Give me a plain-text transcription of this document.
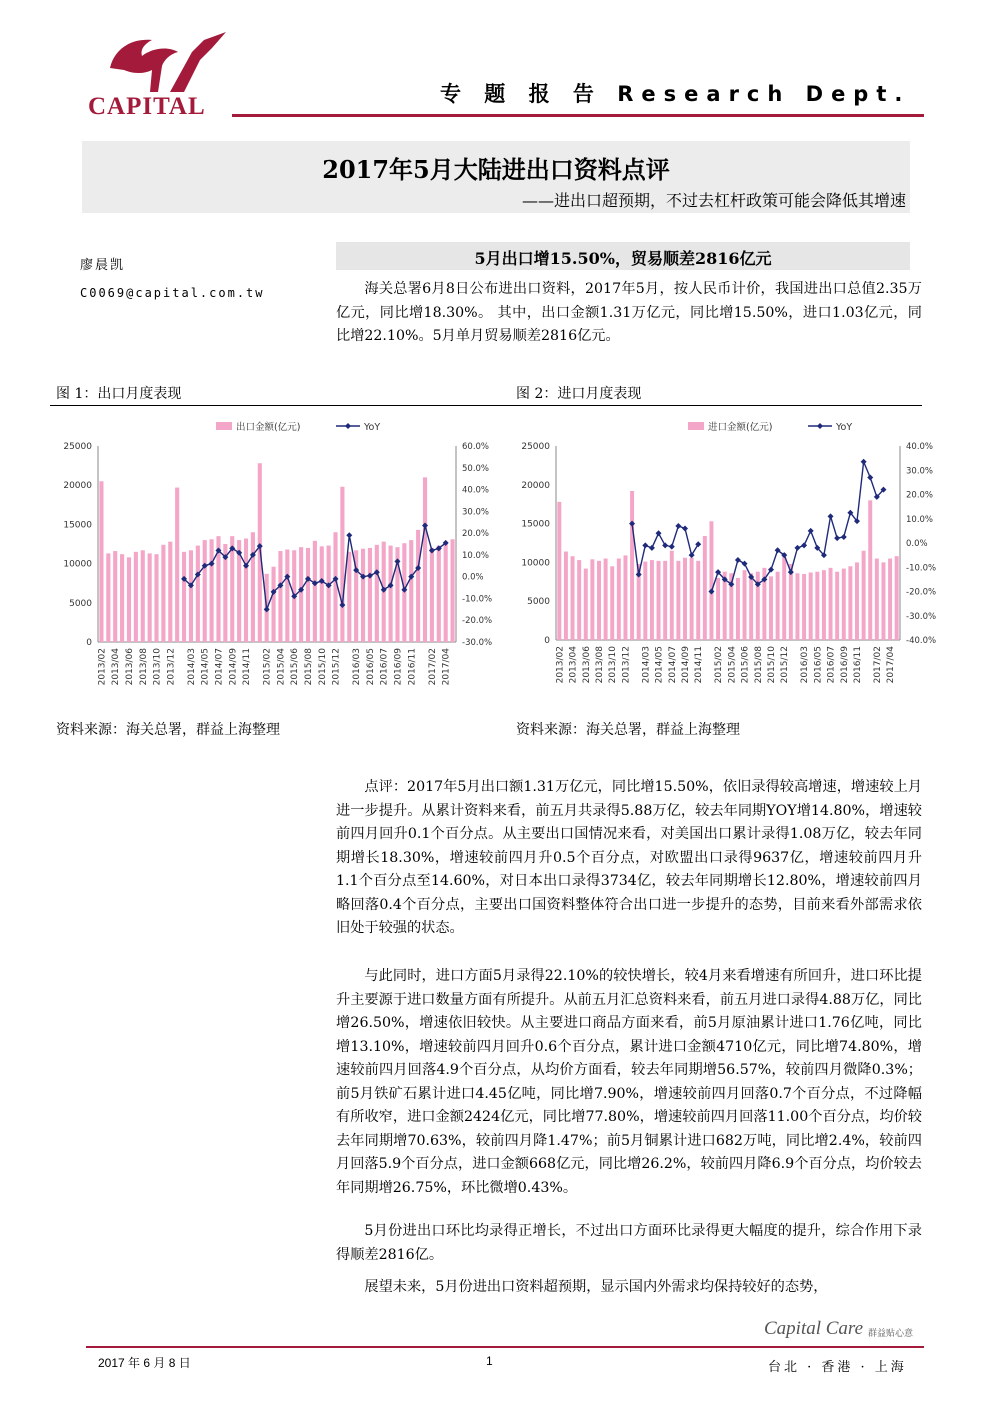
CAPITAL	专 题 报 告 Research Dept.
2017年5月大陆进出口资料点评
——进出口超预期，不过去杠杆政策可能会降低其增速
廖晨凯
C0069@capital.com.tw
5月出口增15.50%，贸易顺差2816亿元
海关总署6月8日公布进出口资料，2017年5月，按人民币计价，我国进出口总值2.35万亿元，同比增18.30%。 其中，出口金额1.31万亿元，同比增15.50%，进口1.03亿元，同比增22.10%。5月单月贸易顺差2816亿元。
图 1：出口月度表现	图 2：进口月度表现
0
5000
10000
15000
20000
25000
-30.0%
-20.0%
-10.0%
0.0%
10.0%
20.0%
30.0%
40.0%
50.0%
60.0%
2013/02 2013/04 2013/06 2013/08 2013/10 2013/12 2014/03 2014/05 2014/07 2014/09 2014/11 2015/02 2015/04 2015/06 2015/08 2015/10 2015/12 2016/03 2016/05 2016/07 2016/09 2016/11 2017/02 2017/04
出口金额(亿元)	YoY
0
5000
10000
15000
20000
25000
-40.0%
-30.0%
-20.0%
-10.0%
0.0%
10.0%
20.0%
30.0%
40.0%
2013/02 2013/04 2013/06 2013/08 2013/10 2013/12 2014/03 2014/05 2014/07 2014/09 2014/11 2015/02 2015/04 2015/06 2015/08 2015/10 2015/12 2016/03 2016/05 2016/07 2016/09 2016/11 2017/02 2017/04
进口金额(亿元)	YoY
资料来源：海关总署，群益上海整理	资料来源：海关总署，群益上海整理
点评：2017年5月出口额1.31万亿元，同比增15.50%，依旧录得较高增速，增速较上月进一步提升。从累计资料来看，前五月共录得5.88万亿，较去年同期YOY增14.80%，增速较前四月回升0.1个百分点。从主要出口国情况来看，对美国出口累计录得1.08万亿，较去年同期增长18.30%，增速较前四月升0.5个百分点，对欧盟出口录得9637亿，增速较前四月升1.1个百分点至14.60%，对日本出口录得3734亿，较去年同期增长12.80%，增速较前四月略回落0.4个百分点，主要出口国资料整体符合出口进一步提升的态势，目前来看外部需求依旧处于较强的状态。
与此同时，进口方面5月录得22.10%的较快增长，较4月来看增速有所回升，进口环比提升主要源于进口数量方面有所提升。从前五月汇总资料来看，前五月进口录得4.88万亿，同比增26.50%，增速依旧较快。从主要进口商品方面来看，前5月原油累计进口1.76亿吨，同比增13.10%，增速较前四月回升0.6个百分点，累计进口金额4710亿元，同比增74.80%，增速较前四月回落4.9个百分点，从均价方面看，较去年同期增56.57%，较前四月微降0.3%；前5月铁矿石累计进口4.45亿吨，同比增7.90%，增速较前四月回落0.7个百分点，不过降幅有所收窄，进口金额2424亿元，同比增77.80%，增速较前四月回落11.00个百分点，均价较去年同期增70.63%，较前四月降1.47%；前5月铜累计进口682万吨，同比增2.4%，较前四月回落5.9个百分点，进口金额668亿元，同比增26.2%，较前四月降6.9个百分点，均价较去年同期增26.75%，环比微增0.43%。
5月份进出口环比均录得正增长，不过出口方面环比录得更大幅度的提升，综合作用下录得顺差2816亿。
展望未来，5月份进出口资料超预期，显示国内外需求均保持较好的态势，
Capital Care 群益贴心意
2017 年 6 月 8 日	1	台北 · 香港 · 上海
